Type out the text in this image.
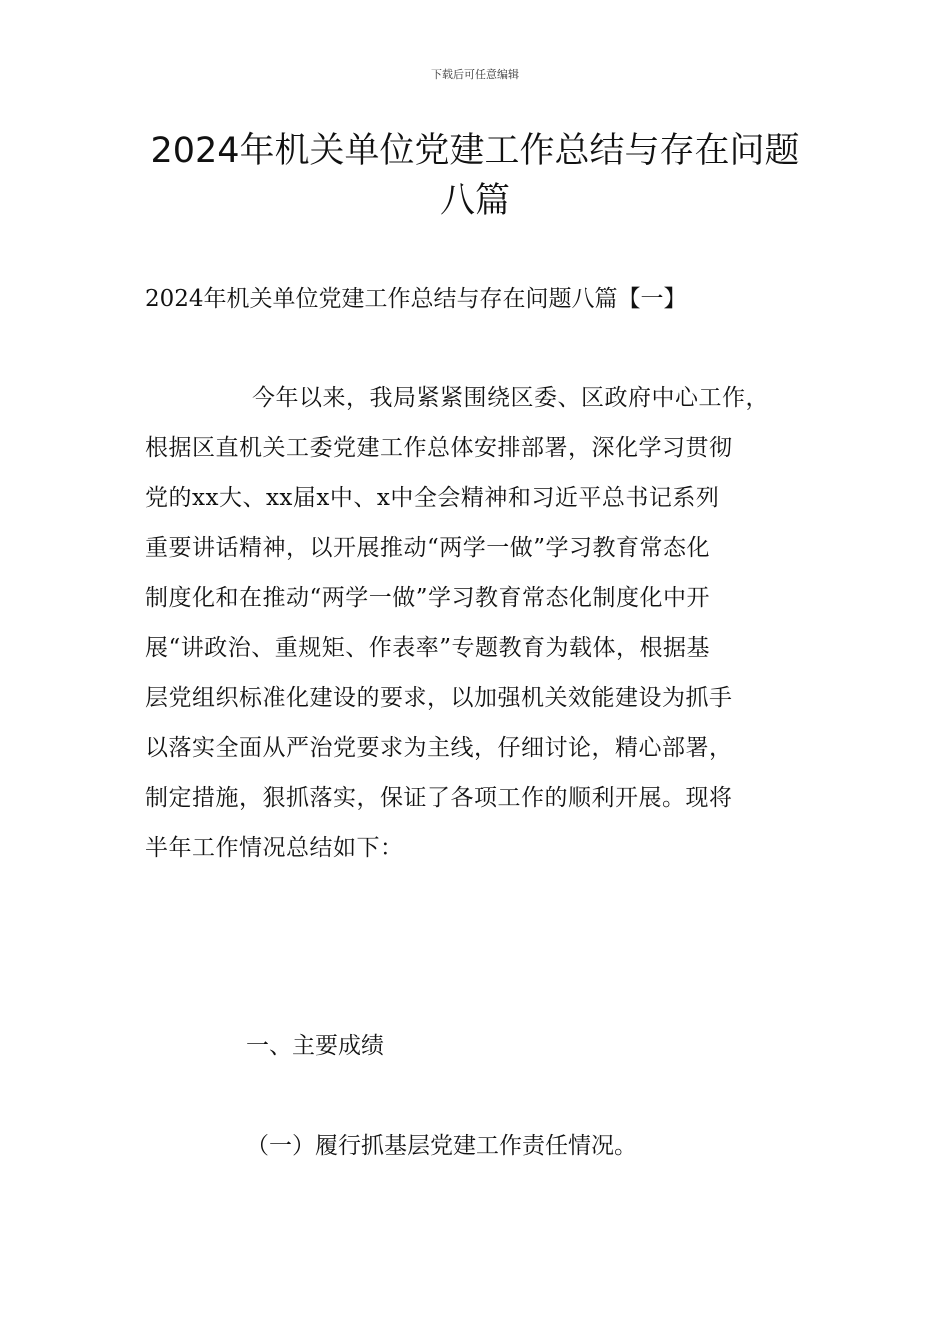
下载后可任意编辑
2024年机关单位党建工作总结与存在问题
八篇
2024年机关单位党建工作总结与存在问题八篇【一】
今年以来，我局紧紧围绕区委、区政府中心工作，
根据区直机关工委党建工作总体安排部署，深化学习贯彻
党的xx大、xx届x中、x中全会精神和习近平总书记系列
重要讲话精神，以开展推动“两学一做”学习教育常态化
制度化和在推动“两学一做”学习教育常态化制度化中开
展“讲政治、重规矩、作表率”专题教育为载体，根据基
层党组织标准化建设的要求，以加强机关效能建设为抓手
以落实全面从严治党要求为主线，仔细讨论，精心部署，
制定措施，狠抓落实，保证了各项工作的顺利开展。现将
半年工作情况总结如下：
一、主要成绩
（一）履行抓基层党建工作责任情况。
